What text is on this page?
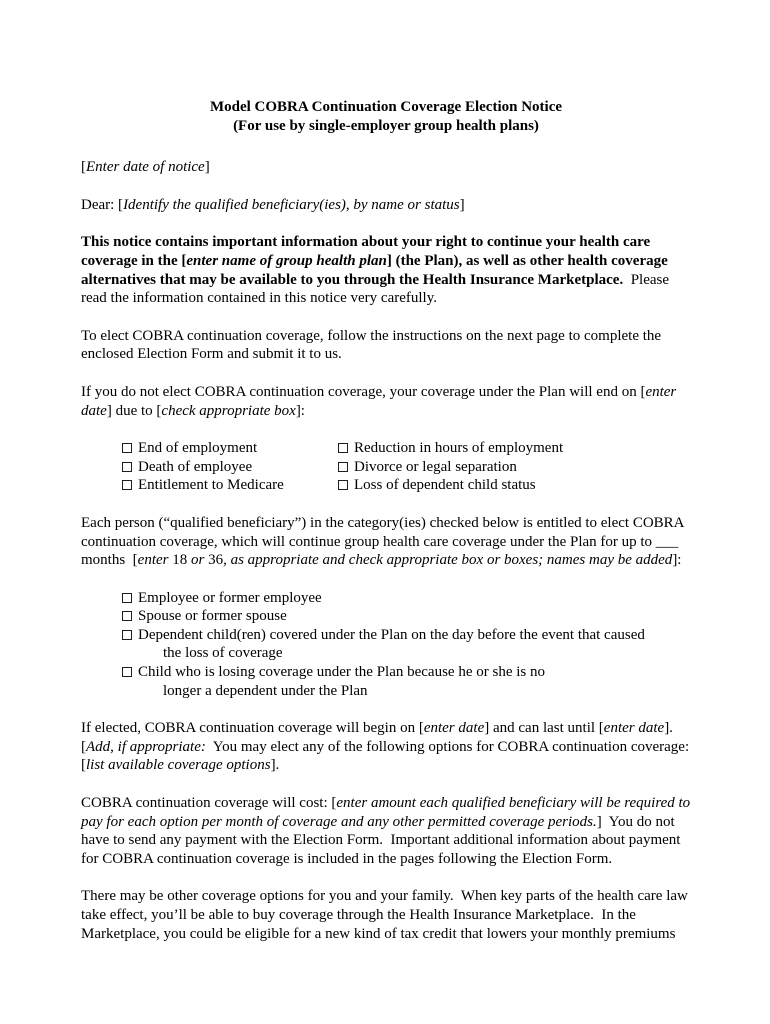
Model COBRA Continuation Coverage Election Notice
(For use by single-employer group health plans)

[Enter date of notice]

Dear: [Identify the qualified beneficiary(ies), by name or status]

This notice contains important information about your right to continue your health care coverage in the [enter name of group health plan] (the Plan), as well as other health coverage alternatives that may be available to you through the Health Insurance Marketplace.  Please read the information contained in this notice very carefully.

To elect COBRA continuation coverage, follow the instructions on the next page to complete the enclosed Election Form and submit it to us.

If you do not elect COBRA continuation coverage, your coverage under the Plan will end on [enter date] due to [check appropriate box]:

End of employment	Reduction in hours of employment
Death of employee	Divorce or legal separation
Entitlement to Medicare	Loss of dependent child status

Each person (“qualified beneficiary”) in the category(ies) checked below is entitled to elect COBRA continuation coverage, which will continue group health care coverage under the Plan for up to ___ months  [enter 18 or 36, as appropriate and check appropriate box or boxes; names may be added]:

Employee or former employee
Spouse or former spouse
Dependent child(ren) covered under the Plan on the day before the event that caused
the loss of coverage
Child who is losing coverage under the Plan because he or she is no
longer a dependent under the Plan

If elected, COBRA continuation coverage will begin on [enter date] and can last until [enter date]. [Add, if appropriate:  You may elect any of the following options for COBRA continuation coverage: [list available coverage options].

COBRA continuation coverage will cost: [enter amount each qualified beneficiary will be required to pay for each option per month of coverage and any other permitted coverage periods.]  You do not have to send any payment with the Election Form.  Important additional information about payment for COBRA continuation coverage is included in the pages following the Election Form.

There may be other coverage options for you and your family.  When key parts of the health care law take effect, you’ll be able to buy coverage through the Health Insurance Marketplace.  In the Marketplace, you could be eligible for a new kind of tax credit that lowers your monthly premiums
